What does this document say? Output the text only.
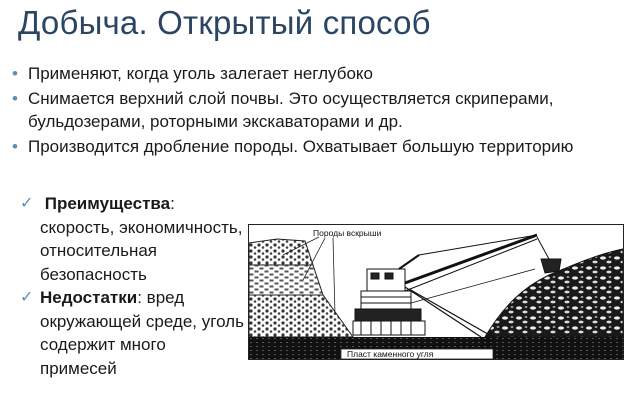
Добыча. Открытый способ
• Применяют, когда уголь залегает неглубоко
• Снимается верхний слой почвы. Это осуществляется скриперами, бульдозерами, роторными экскаваторами и др.
• Производится дробление породы. Охватывает большую территорию
✓ Преимущества: скорость, экономичность, относительная безопасность
✓ Недостатки: вред окружающей среде, уголь содержит много примесей
Породы вскрыши
Пласт каменного угля
